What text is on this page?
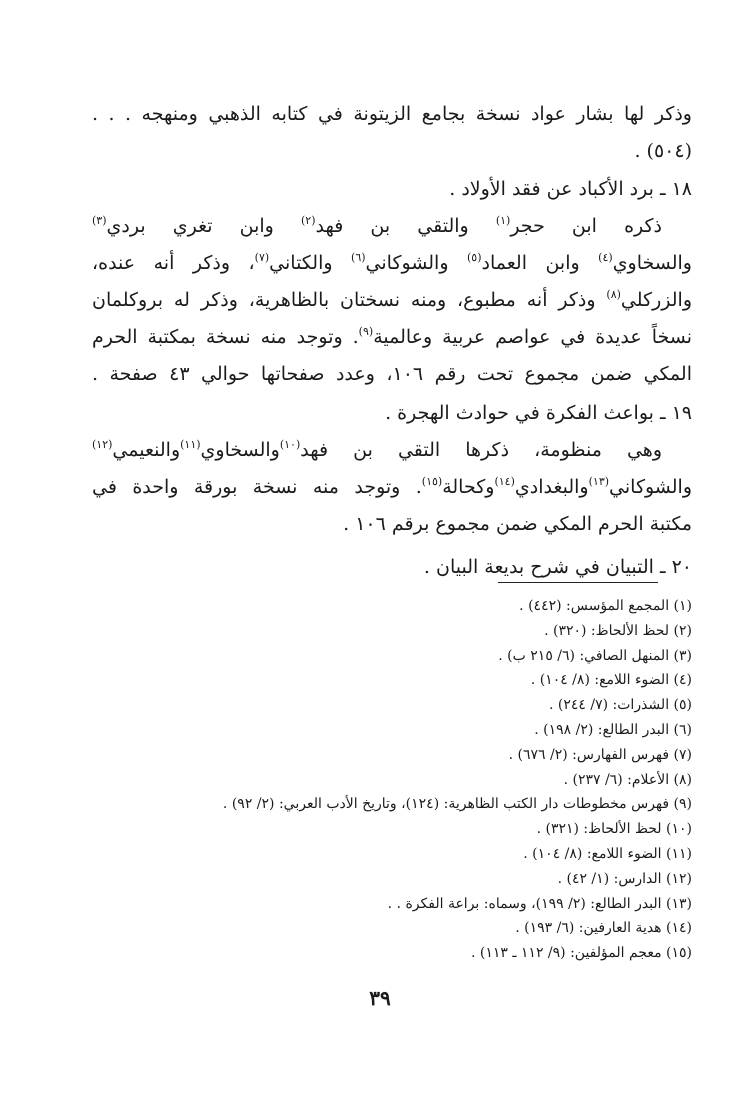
وذكر لها بشار عواد نسخة بجامع الزيتونة في كتابه الذهبي ومنهجه . . .
(٥٠٤) .
١٨ ـ برد الأكباد عن فقد الأولاد .
ذكره ابن حجر$^{(١)}$ والتقي بن فهد$^{(٢)}$ وابن تغري بردي$^{(٣)}$
والسخاوي$^{(٤)}$ وابن العماد$^{(٥)}$ والشوكاني$^{(٦)}$ والكتاني$^{(٧)}$، وذكر أنه عنده،
والزركلي$^{(٨)}$ وذكر أنه مطبوع، ومنه نسختان بالظاهرية، وذكر له بروكلمان
نسخاً عديدة في عواصم عربية وعالمية$^{(٩)}$. وتوجد منه نسخة بمكتبة الحرم
المكي ضمن مجموع تحت رقم ١٠٦، وعدد صفحاتها حوالي ٤٣ صفحة .
١٩ ـ بواعث الفكرة في حوادث الهجرة .
وهي منظومة، ذكرها التقي بن فهد$^{(١٠)}$والسخاوي$^{(١١)}$والنعيمي$^{(١٢)}$
والشوكاني$^{(١٣)}$والبغدادي$^{(١٤)}$وكحالة$^{(١٥)}$. وتوجد منه نسخة بورقة واحدة في
مكتبة الحرم المكي ضمن مجموع برقم ١٠٦ .
٢٠ ـ التبيان في شرح بديعة البيان .
(١) المجمع المؤسس: (٤٤٢) .
(٢) لحظ الألحاظ: (٣٢٠) .
(٣) المنهل الصافي: (٦/ ٢١٥ ب) .
(٤) الضوء اللامع: (٨/ ١٠٤) .
(٥) الشذرات: (٧/ ٢٤٤) .
(٦) البدر الطالع: (٢/ ١٩٨) .
(٧) فهرس الفهارس: (٢/ ٦٧٦) .
(٨) الأعلام: (٦/ ٢٣٧) .
(٩) فهرس مخطوطات دار الكتب الظاهرية: (١٢٤)، وتاريخ الأدب العربي: (٢/ ٩٢) .
(١٠) لحظ الألحاظ: (٣٢١) .
(١١) الضوء اللامع: (٨/ ١٠٤) .
(١٢) الدارس: (١/ ٤٢) .
(١٣) البدر الطالع: (٢/ ١٩٩)، وسماه: براعة الفكرة . .
(١٤) هدية العارفين: (٦/ ١٩٣) .
(١٥) معجم المؤلفين: (٩/ ١١٢ ـ ١١٣) .
٣٩
